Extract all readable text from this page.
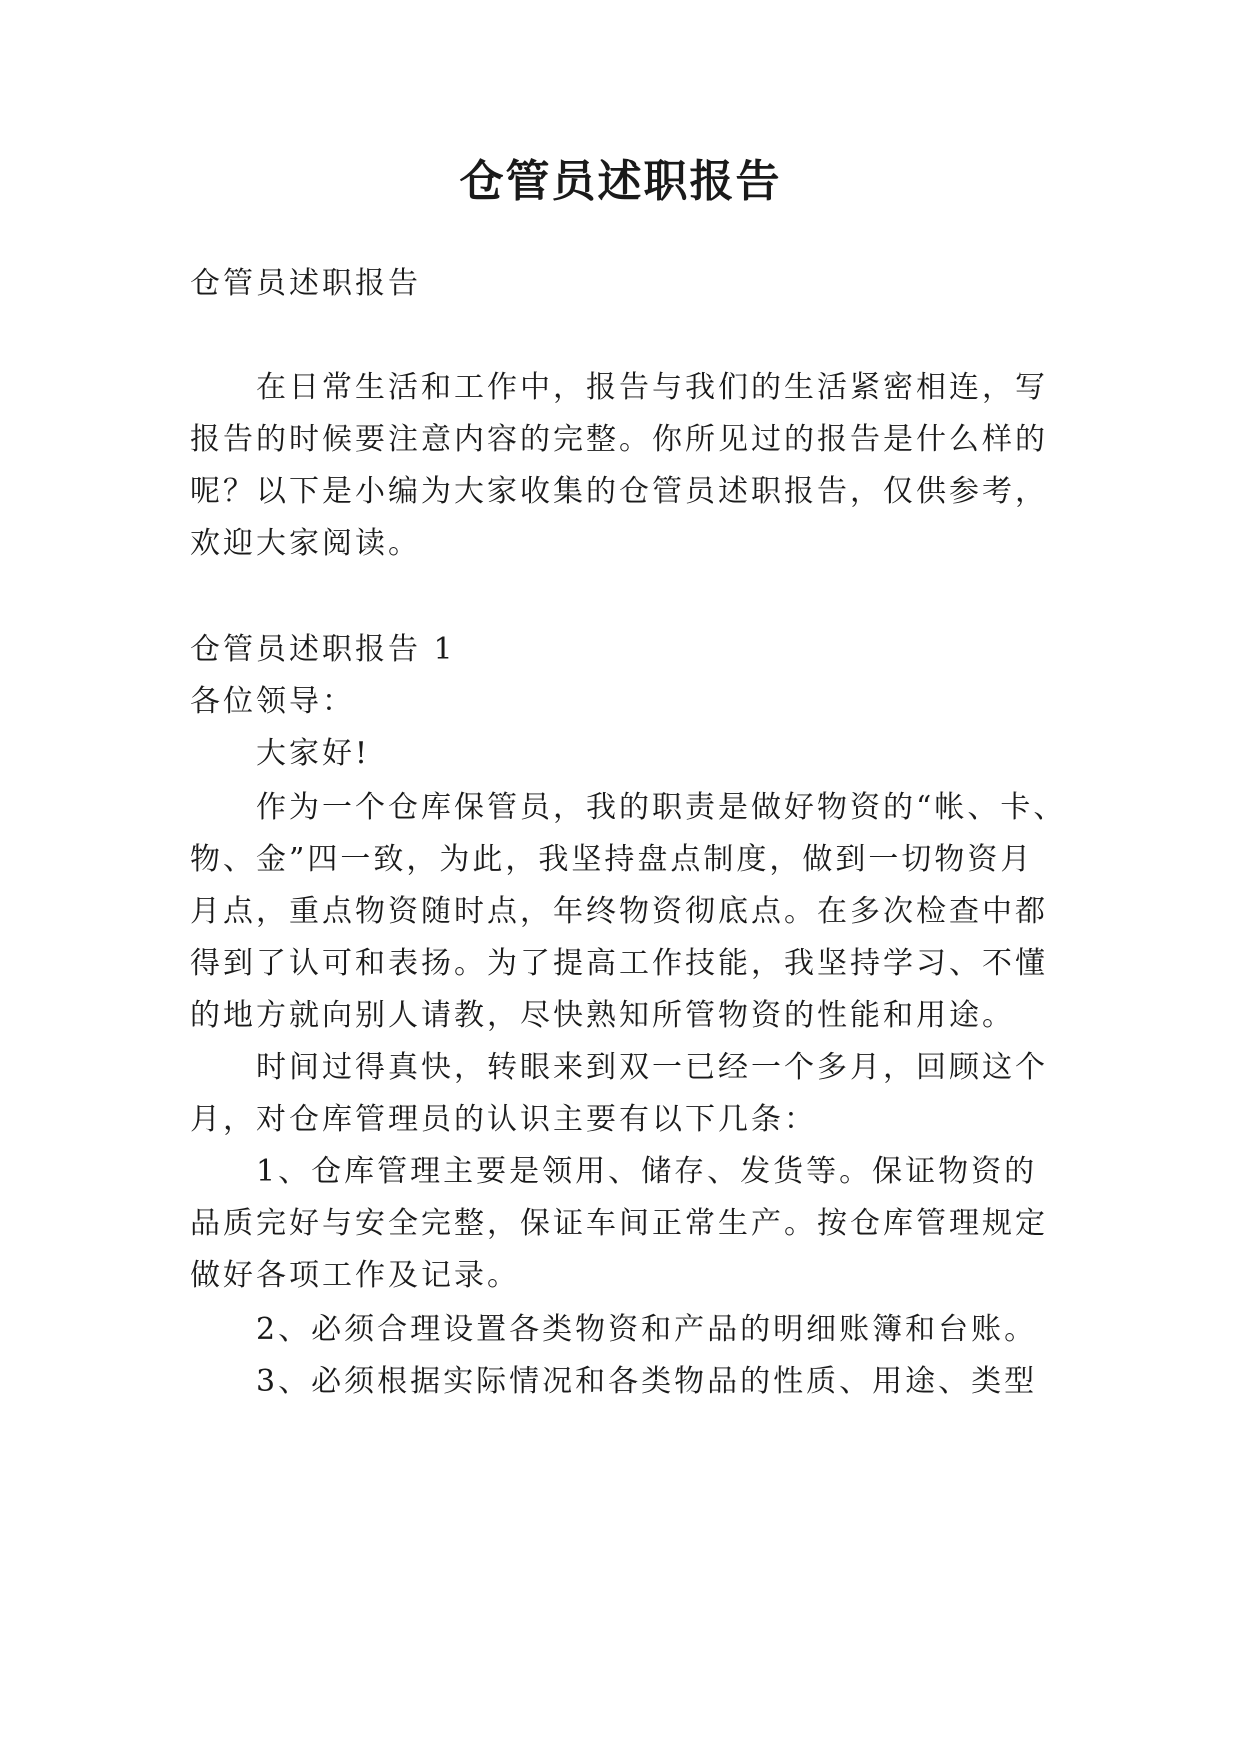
仓管员述职报告
仓管员述职报告
在日常生活和工作中，报告与我们的生活紧密相连，写
报告的时候要注意内容的完整。你所见过的报告是什么样的
呢？以下是小编为大家收集的仓管员述职报告，仅供参考，
欢迎大家阅读。
仓管员述职报告 1
各位领导：
大家好!
作为一个仓库保管员，我的职责是做好物资的“帐、卡、
物、金”四一致，为此，我坚持盘点制度，做到一切物资月
月点，重点物资随时点，年终物资彻底点。在多次检查中都
得到了认可和表扬。为了提高工作技能，我坚持学习、不懂
的地方就向别人请教，尽快熟知所管物资的性能和用途。
时间过得真快，转眼来到双一已经一个多月，回顾这个
月，对仓库管理员的认识主要有以下几条：
1、仓库管理主要是领用、储存、发货等。保证物资的
品质完好与安全完整，保证车间正常生产。按仓库管理规定
做好各项工作及记录。
2、必须合理设置各类物资和产品的明细账簿和台账。
3、必须根据实际情况和各类物品的性质、用途、类型
